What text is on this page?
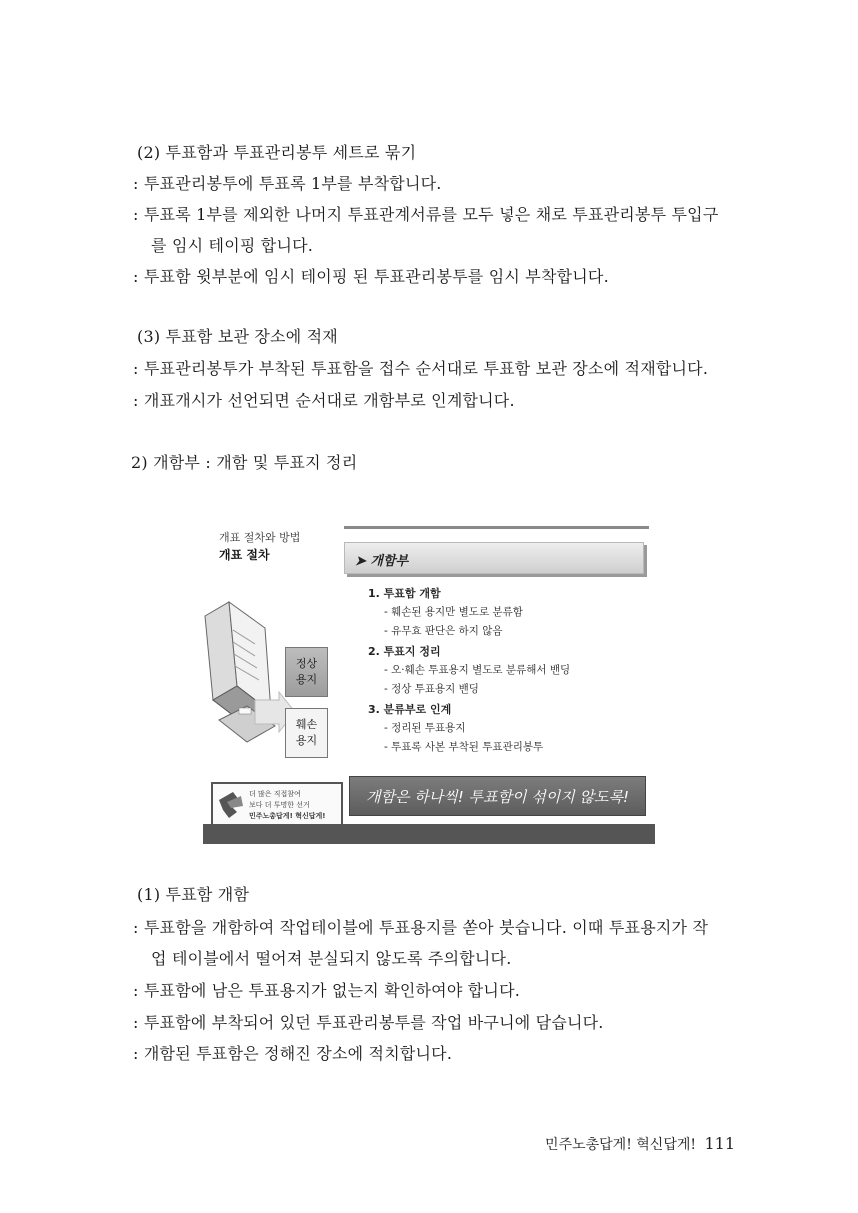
(2) 투표함과 투표관리봉투 세트로 묶기
: 투표관리봉투에 투표록 1부를 부착합니다.
: 투표록 1부를 제외한 나머지 투표관계서류를 모두 넣은 채로 투표관리봉투 투입구
를 임시 테이핑 합니다.
: 투표함 윗부분에 임시 테이핑 된 투표관리봉투를 임시 부착합니다.
(3) 투표함 보관 장소에 적재
: 투표관리봉투가 부착된 투표함을 접수 순서대로 투표함 보관 장소에 적재합니다.
: 개표개시가 선언되면 순서대로 개함부로 인계합니다.
2) 개함부 : 개함 및 투표지 정리
개표 절차와 방법
개표 절차	➤ 개함부
정상
용지
훼손
용지
1. 투표함 개함
- 훼손된 용지만 별도로 분류함
- 유무효 판단은 하지 않음
2. 투표지 정리
- 오·훼손 투표용지 별도로 분류해서 밴딩
- 정상 투표용지 밴딩
3. 분류부로 인계
- 정리된 투표용지
- 투표록 사본 부착된 투표관리봉투
더 많은 직접참여
보다 더 투명한 선거
민주노총답게! 혁신답게!
개함은 하나씩! 투표함이 섞이지 않도록!
(1) 투표함 개함
: 투표함을 개함하여 작업테이블에 투표용지를 쏟아 붓습니다. 이때 투표용지가 작
업 테이블에서 떨어져 분실되지 않도록 주의합니다.
: 투표함에 남은 투표용지가 없는지 확인하여야 합니다.
: 투표함에 부착되어 있던 투표관리봉투를 작업 바구니에 담습니다.
: 개함된 투표함은 정해진 장소에 적치합니다.
민주노총답게! 혁신답게! 111
